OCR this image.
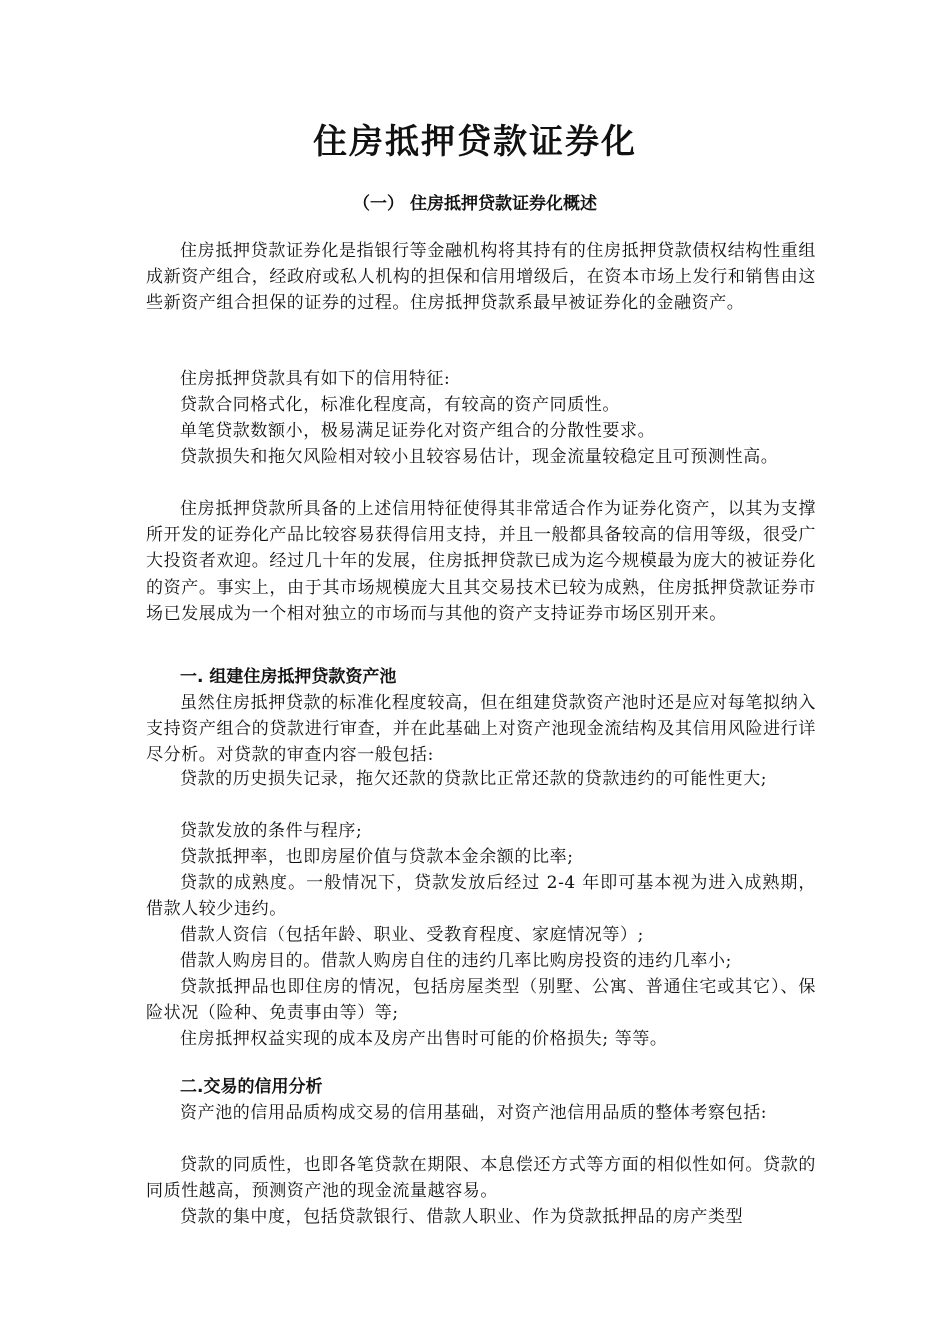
住房抵押贷款证券化
（一） 住房抵押贷款证券化概述
住房抵押贷款证券化是指银行等金融机构将其持有的住房抵押贷款债权结构性重组成新资产组合，经政府或私人机构的担保和信用增级后，在资本市场上发行和销售由这些新资产组合担保的证券的过程。住房抵押贷款系最早被证券化的金融资产。
住房抵押贷款具有如下的信用特征:
贷款合同格式化，标准化程度高，有较高的资产同质性。
单笔贷款数额小，极易满足证券化对资产组合的分散性要求。
贷款损失和拖欠风险相对较小且较容易估计，现金流量较稳定且可预测性高。
住房抵押贷款所具备的上述信用特征使得其非常适合作为证券化资产，以其为支撑所开发的证券化产品比较容易获得信用支持，并且一般都具备较高的信用等级，很受广大投资者欢迎。经过几十年的发展，住房抵押贷款已成为迄今规模最为庞大的被证券化的资产。事实上，由于其市场规模庞大且其交易技术已较为成熟，住房抵押贷款证券市场已发展成为一个相对独立的市场而与其他的资产支持证券市场区别开来。
一. 组建住房抵押贷款资产池
虽然住房抵押贷款的标准化程度较高，但在组建贷款资产池时还是应对每笔拟纳入支持资产组合的贷款进行审查，并在此基础上对资产池现金流结构及其信用风险进行详尽分析。对贷款的审查内容一般包括:
贷款的历史损失记录，拖欠还款的贷款比正常还款的贷款违约的可能性更大;
贷款发放的条件与程序;
贷款抵押率，也即房屋价值与贷款本金余额的比率;
贷款的成熟度。一般情况下，贷款发放后经过 2-4 年即可基本视为进入成熟期，借款人较少违约。
借款人资信（包括年龄、职业、受教育程度、家庭情况等）;
借款人购房目的。借款人购房自住的违约几率比购房投资的违约几率小;
贷款抵押品也即住房的情况，包括房屋类型（别墅、公寓、普通住宅或其它）、保险状况（险种、免责事由等）等;
住房抵押权益实现的成本及房产出售时可能的价格损失; 等等。
二.交易的信用分析
资产池的信用品质构成交易的信用基础，对资产池信用品质的整体考察包括:
贷款的同质性，也即各笔贷款在期限、本息偿还方式等方面的相似性如何。贷款的同质性越高，预测资产池的现金流量越容易。
贷款的集中度，包括贷款银行、借款人职业、作为贷款抵押品的房产类型
